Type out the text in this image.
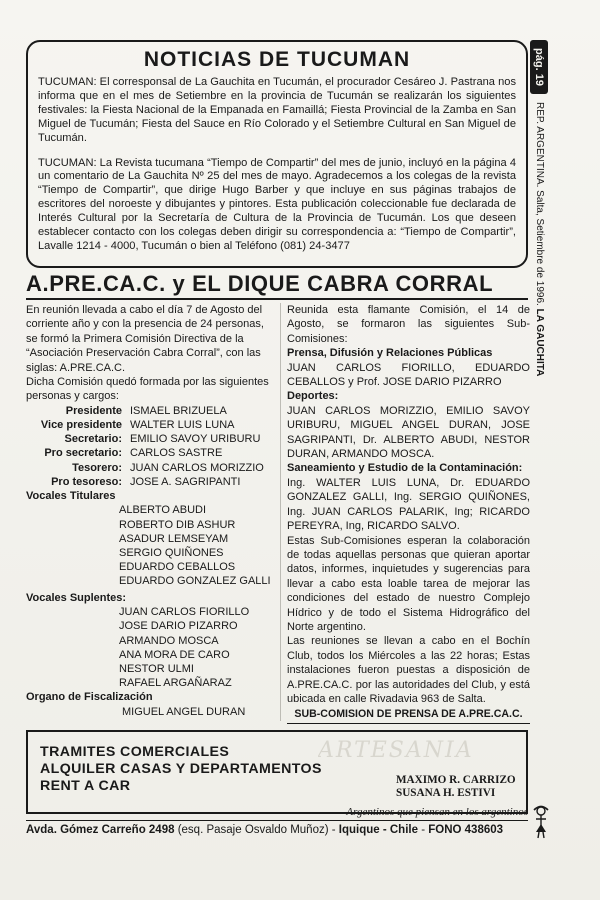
NOTICIAS DE TUCUMAN

TUCUMAN: El corresponsal de La Gauchita en Tucumán, el procurador Cesáreo J. Pastrana nos informa que en el mes de Setiembre en la provincia de Tucumán se realizarán los siguientes festivales: la Fiesta Nacional de la Empanada en Famaillá; Fiesta Provincial de la Zamba en San Miguel de Tucumán; Fiesta del Sauce en Río Colorado y el Setiembre Cultural en San Miguel de Tucumán.

TUCUMAN: La Revista tucumana “Tiempo de Compartir” del mes de junio, incluyó en la página 4 un comentario de La Gauchita Nº 25 del mes de mayo. Agradecemos a los colegas de la revista “Tiempo de Compartir”, que dirige Hugo Barber y que incluye en sus páginas trabajos de escritores del noroeste y dibujantes y pintores. Esta publicación coleccionable fue declarada de Interés Cultural por la Secretaría de Cultura de la Provincia de Tucumán. Los que deseen establecer contacto con los colegas deben dirigir su correspondencia a: “Tiempo de Compartir”, Lavalle 1214 - 4000, Tucumán o bien al Teléfono (081) 24-3477

pág. 19
REP. ARGENTINA. Salta, Setiembre de 1996. LA GAUCHITA
A.PRE.CA.C. y EL DIQUE CABRA CORRAL

En reunión llevada a cabo el día 7 de Agosto del corriente año y con la presencia de 24 personas, se formó la Primera Comisión Directiva de la “Asociación Preservación Cabra Corral”, con las siglas: A.PRE.CA.C.

Dicha Comisión quedó formada por las siguientes personas y cargos:

Presidente ISMAEL BRIZUELA
Vice presidente WALTER LUIS LUNA
Secretario: EMILIO SAVOY URIBURU
Pro secretario: CARLOS SASTRE
Tesorero: JUAN CARLOS MORIZZIO
Pro tesoreso: JOSE A. SAGRIPANTI
Vocales Titulares
ALBERTO ABUDI
ROBERTO DIB ASHUR
ASADUR LEMSEYAM
SERGIO QUIÑONES
EDUARDO CEBALLOS
EDUARDO GONZALEZ GALLI
Vocales Suplentes:
JUAN CARLOS FIORILLO
JOSE DARIO PIZARRO
ARMANDO MOSCA
ANA MORA DE CARO
NESTOR ULMI
RAFAEL ARGAÑARAZ
Organo de Fiscalización
MIGUEL ANGEL DURAN

Reunida esta flamante Comisión, el 14 de Agosto, se formaron las siguientes Sub-Comisiones:

Prensa, Difusión y Relaciones Públicas

JUAN CARLOS FIORILLO, EDUARDO CEBALLOS y Prof. JOSE DARIO PIZARRO

Deportes:

JUAN CARLOS MORIZZIO, EMILIO SAVOY URIBURU, MIGUEL ANGEL DURAN, JOSE SAGRIPANTI, Dr. ALBERTO ABUDI, NESTOR DURAN, ARMANDO MOSCA.

Saneamiento y Estudio de la Contaminación:

Ing. WALTER LUIS LUNA, Dr. EDUARDO GONZALEZ GALLI, Ing. SERGIO QUIÑONES, Ing. JUAN CARLOS PALARIK, Ing; RICARDO PEREYRA, Ing, RICARDO SALVO.

Estas Sub-Comisiones esperan la colaboración de todas aquellas personas que quieran aportar datos, informes, inquietudes y sugerencias para llevar a cabo esta loable tarea de mejorar las condiciones del estado de nuestro Complejo Hídrico y de todo el Sistema Hidrográfico del Norte argentino.

Las reuniones se llevan a cabo en el Bochín Club, todos los Miércoles a las 22 horas; Estas instalaciones fueron puestas a disposición de A.PRE.CA.C. por las autoridades del Club, y está ubicada en calle Rivadavia 963 de Salta.

SUB-COMISION DE PRENSA DE A.PRE.CA.C.
TRAMITES COMERCIALES
ALQUILER CASAS Y DEPARTAMENTOS
RENT A CAR
ARTESANIA
MAXIMO R. CARRIZO
SUSANA H. ESTIVI
Argentinos que piensan en los argentinos
Avda. Gómez Carreño 2498 (esq. Pasaje Osvaldo Muñoz) - Iquique - Chile - FONO 438603
